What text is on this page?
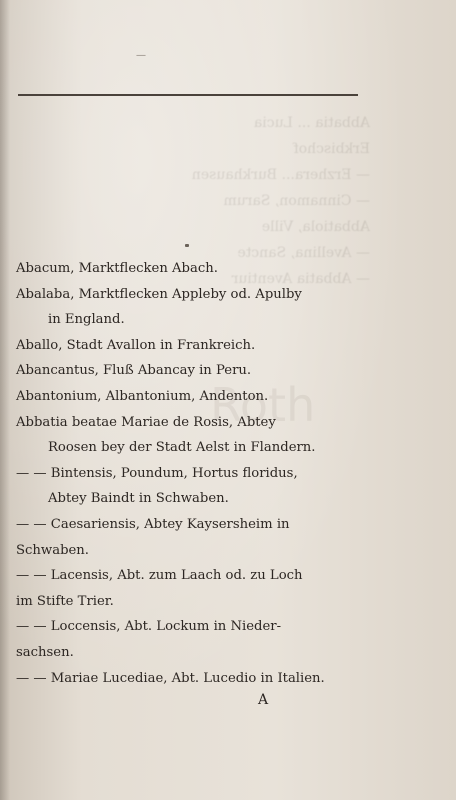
—
Abbatia ... Lucia
Erkbischof
— Erzhera... Burkhausen
— Cinnamon, Sarum
Abbatiola, Ville
— Avellina, Sancte
— Abbatia Aventiur
Roth
Abacum, Marktflecken Abach.
Abalaba, Marktflecken Appleby od. Apulby
in England.
Aballo, Stadt Avallon in Frankreich.
Abancantus, Fluß Abancay in Peru.
Abantonium, Albantonium, Andenton.
Abbatia beatae Mariae de Rosis, Abtey
Roosen bey der Stadt Aelst in Flandern.
— — Bintensis, Poundum, Hortus floridus,
Abtey Baindt in Schwaben.
— — Caesariensis, Abtey Kaysersheim in
Schwaben.
— — Lacensis, Abt. zum Laach od. zu Loch
im Stifte Trier.
— — Loccensis, Abt. Lockum in Nieder-
sachsen.
— — Mariae Lucediae, Abt. Lucedio in Italien.
A
